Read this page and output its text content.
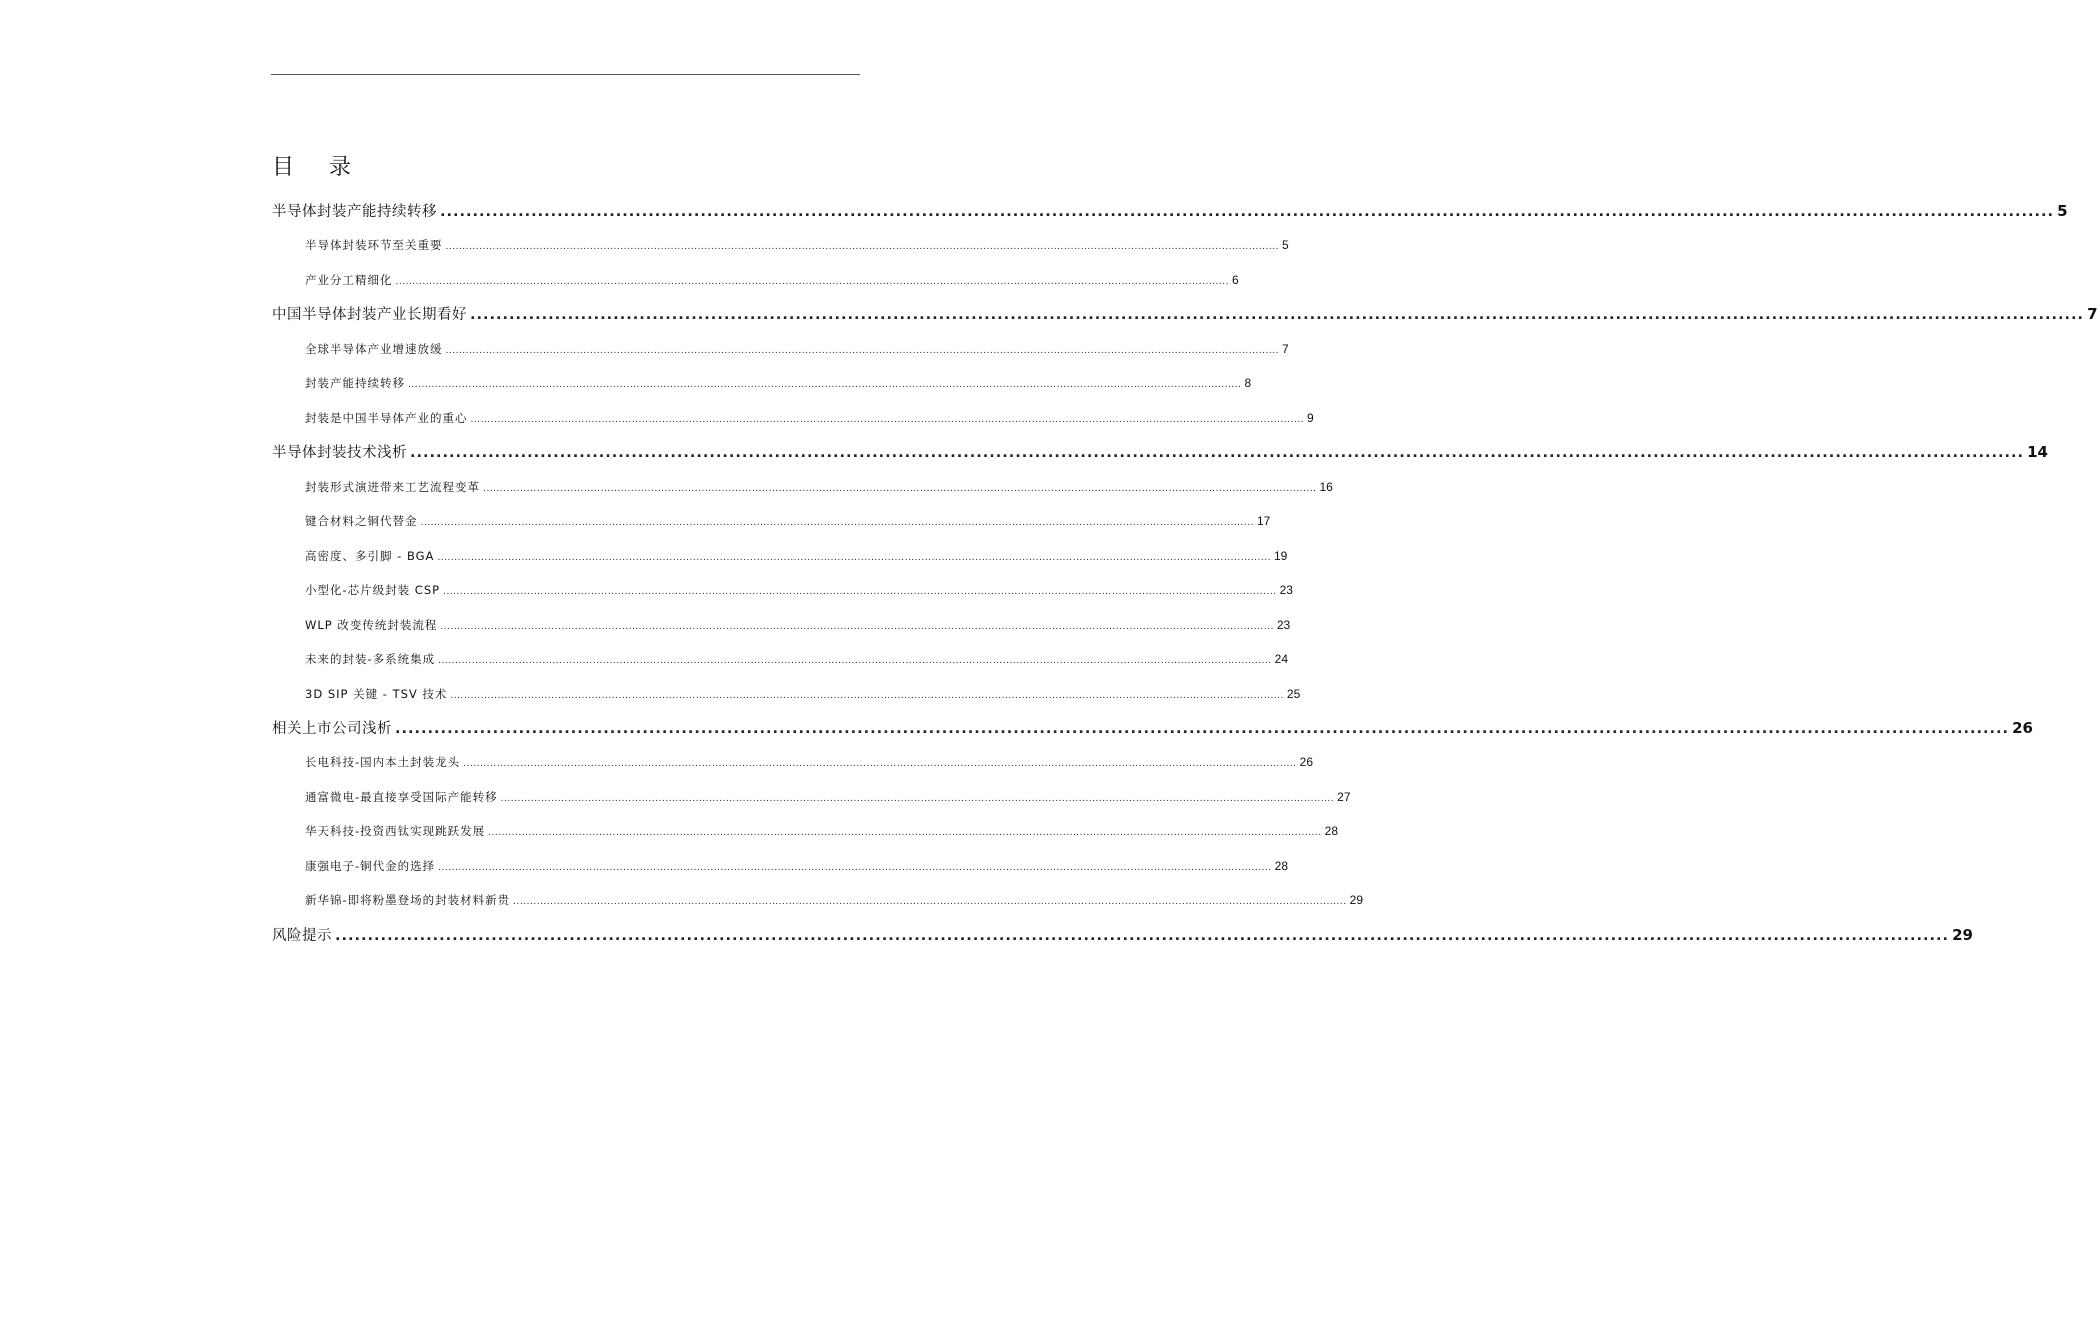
目 录
半导体封装产能持续转移 ........................................................................................................................................................................................................................................................ 5
半导体封装环节至关重要 ........................................................................................................................................................................................................................................................ 5
产业分工精细化 ........................................................................................................................................................................................................................................................ 6
中国半导体封装产业长期看好 ........................................................................................................................................................................................................................................................ 7
全球半导体产业增速放缓 ........................................................................................................................................................................................................................................................ 7
封装产能持续转移 ........................................................................................................................................................................................................................................................ 8
封装是中国半导体产业的重心 ........................................................................................................................................................................................................................................................ 9
半导体封装技术浅析 ........................................................................................................................................................................................................................................................ 14
封装形式演进带来工艺流程变革 ........................................................................................................................................................................................................................................................ 16
键合材料之铜代替金 ........................................................................................................................................................................................................................................................ 17
高密度、多引脚 - BGA ........................................................................................................................................................................................................................................................ 19
小型化-芯片级封装 CSP ........................................................................................................................................................................................................................................................ 23
WLP 改变传统封装流程 ........................................................................................................................................................................................................................................................ 23
未来的封装-多系统集成 ........................................................................................................................................................................................................................................................ 24
3D SIP 关键 - TSV 技术 ........................................................................................................................................................................................................................................................ 25
相关上市公司浅析 ........................................................................................................................................................................................................................................................ 26
长电科技-国内本土封装龙头 ........................................................................................................................................................................................................................................................ 26
通富微电-最直接享受国际产能转移 ........................................................................................................................................................................................................................................................ 27
华天科技-投资西钛实现跳跃发展 ........................................................................................................................................................................................................................................................ 28
康强电子-铜代金的选择 ........................................................................................................................................................................................................................................................ 28
新华锦-即将粉墨登场的封装材料新贵 ........................................................................................................................................................................................................................................................ 29
风险提示 ........................................................................................................................................................................................................................................................ 29
